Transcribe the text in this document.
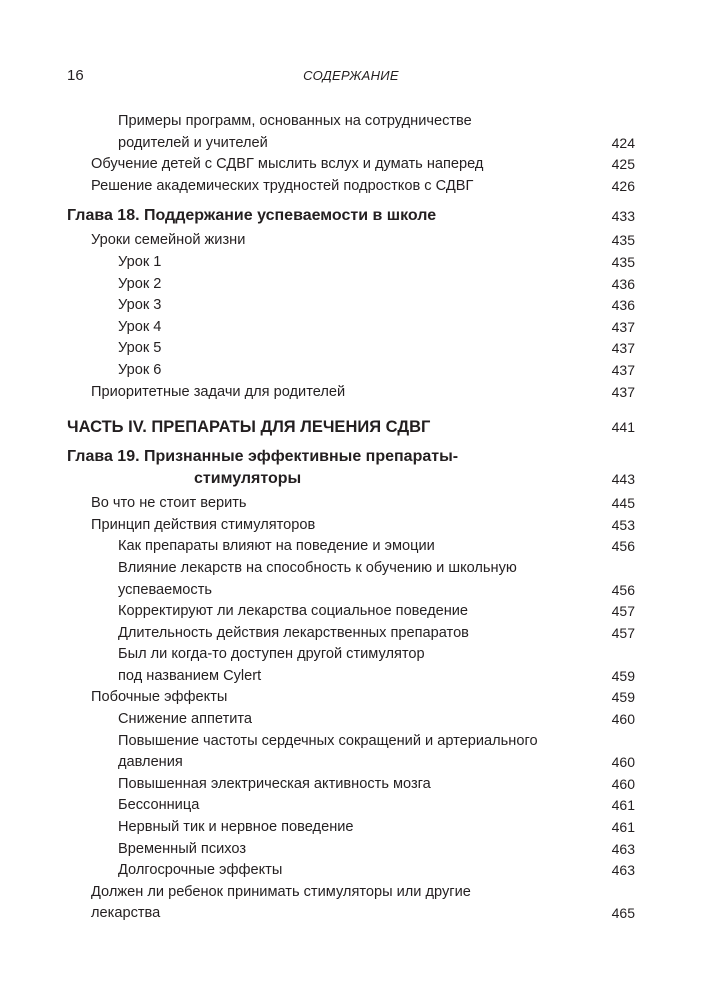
16	СОДЕРЖАНИЕ
Примеры программ, основанных на сотрудничестве
родителей и учителей	424
Обучение детей с СДВГ мыслить вслух и думать наперед	425
Решение академических трудностей подростков с СДВГ	426
Глава 18. Поддержание успеваемости в школе	433
Уроки семейной жизни	435
Урок 1	435
Урок 2	436
Урок 3	436
Урок 4	437
Урок 5	437
Урок 6	437
Приоритетные задачи для родителей	437
ЧАСТЬ IV. ПРЕПАРАТЫ ДЛЯ ЛЕЧЕНИЯ СДВГ	441
Глава 19. Признанные эффективные препараты-
стимуляторы	443
Во что не стоит верить	445
Принцип действия стимуляторов	453
Как препараты влияют на поведение и эмоции	456
Влияние лекарств на способность к обучению и школьную
успеваемость	456
Корректируют ли лекарства социальное поведение	457
Длительность действия лекарственных препаратов	457
Был ли когда-то доступен другой стимулятор
под названием Cylert	459
Побочные эффекты	459
Снижение аппетита	460
Повышение частоты сердечных сокращений и артериального
давления	460
Повышенная электрическая активность мозга	460
Бессонница	461
Нервный тик и нервное поведение	461
Временный психоз	463
Долгосрочные эффекты	463
Должен ли ребенок принимать стимуляторы или другие
лекарства	465
